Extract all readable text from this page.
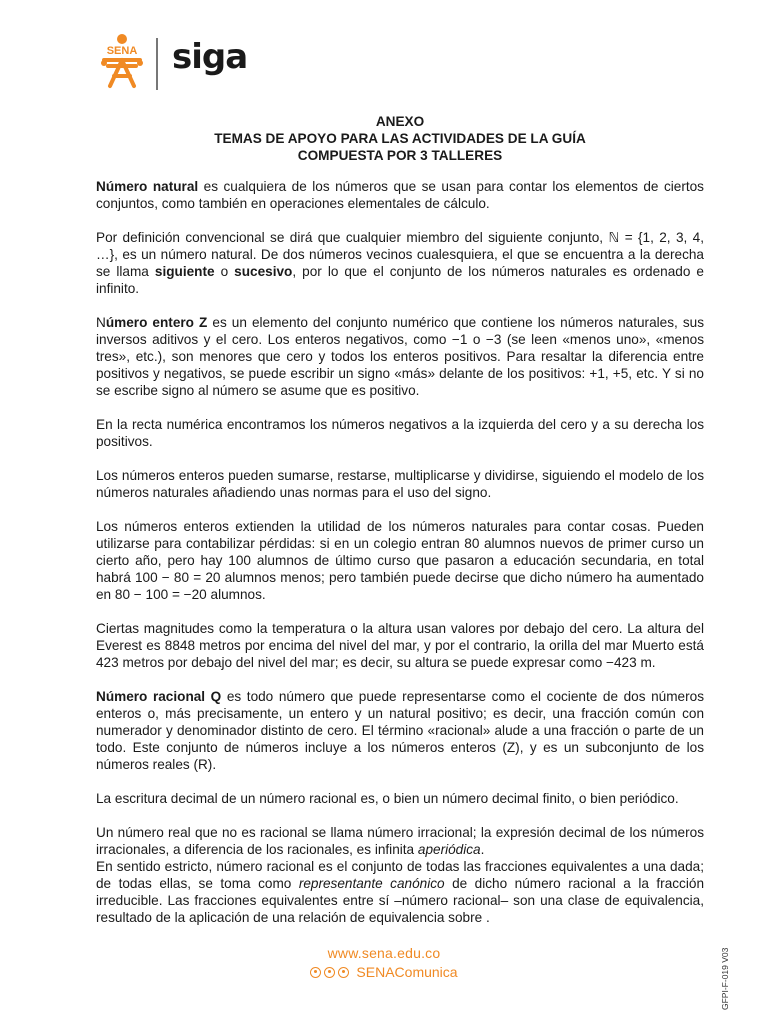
SENA siga
ANEXO
TEMAS DE APOYO PARA LAS ACTIVIDADES DE LA GUÍA
COMPUESTA POR 3 TALLERES

Número natural es cualquiera de los números que se usan para contar los elementos de ciertos conjuntos, como también en operaciones elementales de cálculo.

Por definición convencional se dirá que cualquier miembro del siguiente conjunto, ℕ = {1, 2, 3, 4, …}, es un número natural. De dos números vecinos cualesquiera, el que se encuentra a la derecha se llama siguiente o sucesivo, por lo que el conjunto de los números naturales es ordenado e infinito.

Número entero Z es un elemento del conjunto numérico que contiene los números naturales, sus inversos aditivos y el cero. Los enteros negativos, como −1 o −3 (se leen «menos uno», «menos tres», etc.), son menores que cero y todos los enteros positivos. Para resaltar la diferencia entre positivos y negativos, se puede escribir un signo «más» delante de los positivos: +1, +5, etc. Y si no se escribe signo al número se asume que es positivo.

En la recta numérica encontramos los números negativos a la izquierda del cero y a su derecha los positivos.

Los números enteros pueden sumarse, restarse, multiplicarse y dividirse, siguiendo el modelo de los números naturales añadiendo unas normas para el uso del signo.

Los números enteros extienden la utilidad de los números naturales para contar cosas. Pueden utilizarse para contabilizar pérdidas: si en un colegio entran 80 alumnos nuevos de primer curso un cierto año, pero hay 100 alumnos de último curso que pasaron a educación secundaria, en total habrá 100 − 80 = 20 alumnos menos; pero también puede decirse que dicho número ha aumentado en 80 − 100 = −20 alumnos.

Ciertas magnitudes como la temperatura o la altura usan valores por debajo del cero. La altura del Everest es 8848 metros por encima del nivel del mar, y por el contrario, la orilla del mar Muerto está 423 metros por debajo del nivel del mar; es decir, su altura se puede expresar como −423 m.

Número racional Q es todo número que puede representarse como el cociente de dos números enteros o, más precisamente, un entero y un natural positivo; es decir, una fracción común con numerador y denominador distinto de cero. El término «racional» alude a una fracción o parte de un todo. Este conjunto de números incluye a los números enteros (Z), y es un subconjunto de los números reales (R).

La escritura decimal de un número racional es, o bien un número decimal finito, o bien periódico.

Un número real que no es racional se llama número irracional; la expresión decimal de los números irracionales, a diferencia de los racionales, es infinita aperiódica.

En sentido estricto, número racional es el conjunto de todas las fracciones equivalentes a una dada; de todas ellas, se toma como representante canónico de dicho número racional a la fracción irreducible. Las fracciones equivalentes entre sí –número racional– son una clase de equivalencia, resultado de la aplicación de una relación de equivalencia sobre .

www.sena.edu.co
SENAComunica	GFPI-F-019 V03
